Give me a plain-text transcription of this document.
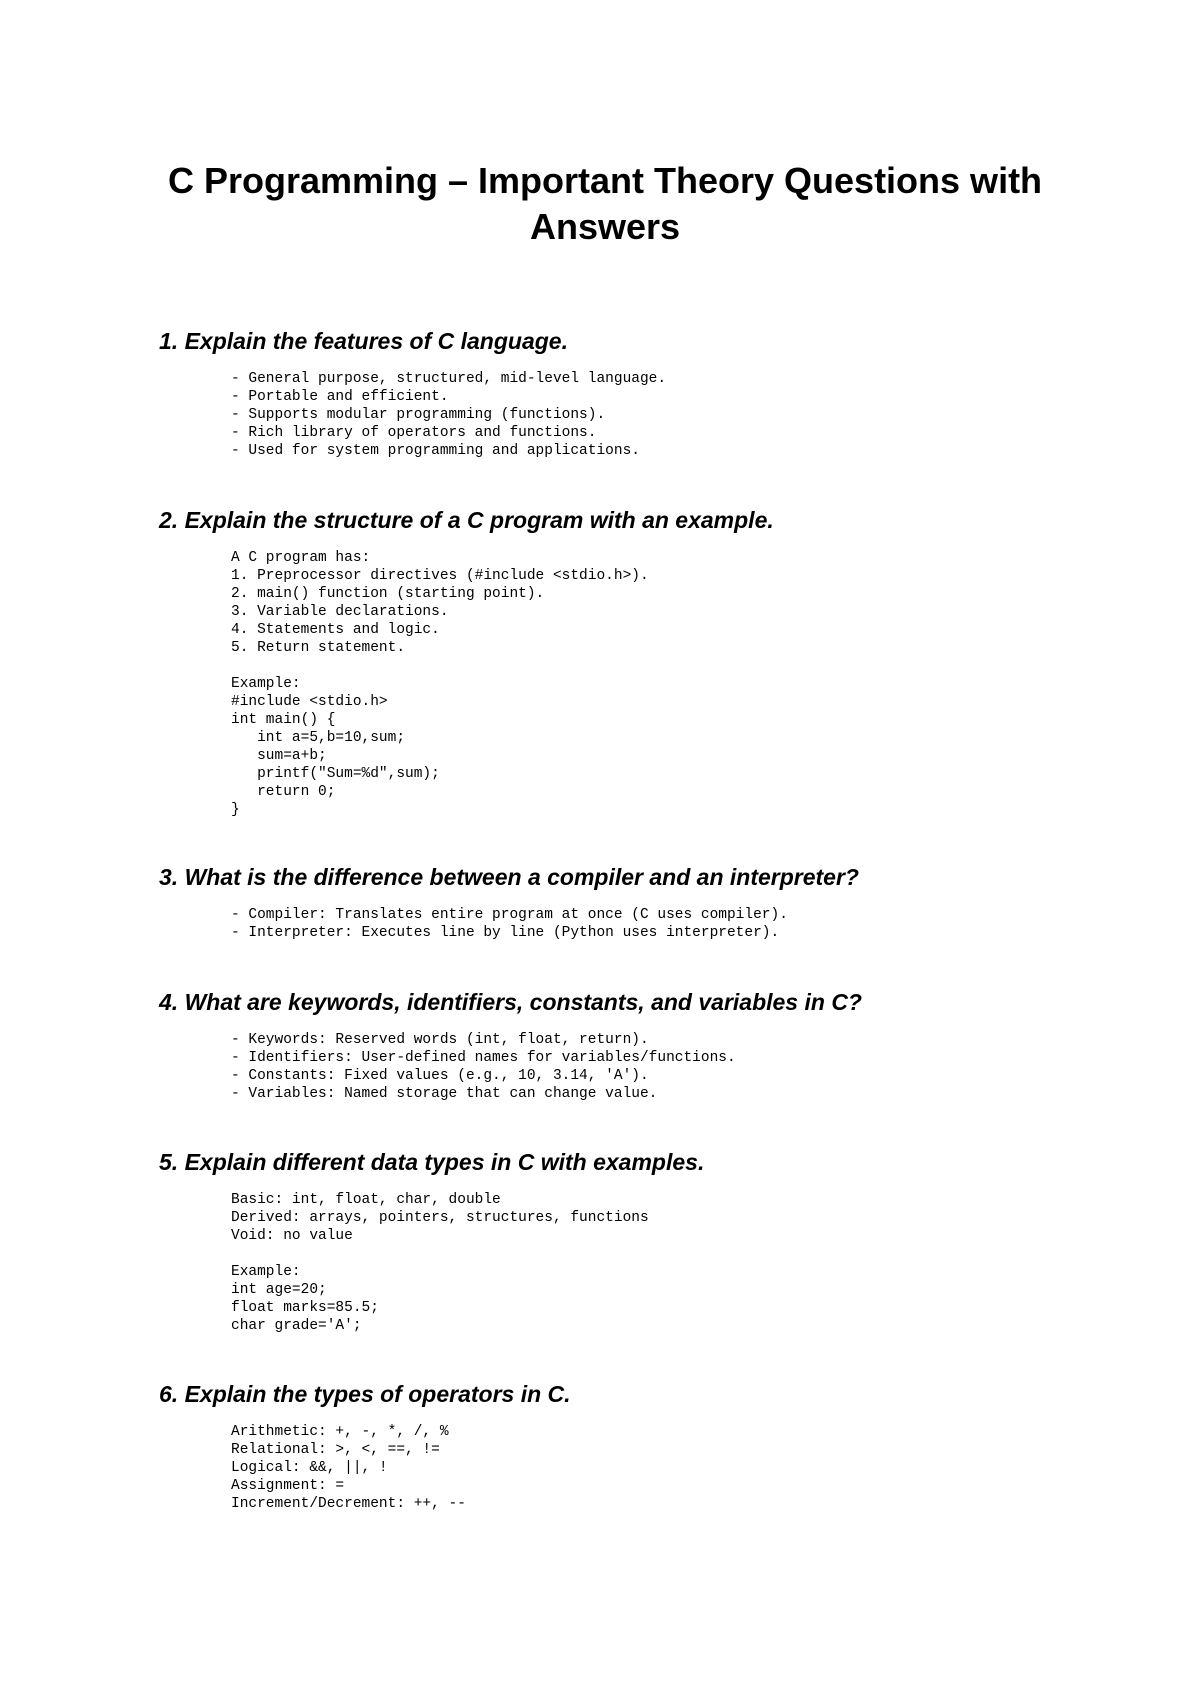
C Programming – Important Theory Questions with Answers
1. Explain the features of C language.
- General purpose, structured, mid-level language.
- Portable and efficient.
- Supports modular programming (functions).
- Rich library of operators and functions.
- Used for system programming and applications.
2. Explain the structure of a C program with an example.
A C program has:
1. Preprocessor directives (#include <stdio.h>).
2. main() function (starting point).
3. Variable declarations.
4. Statements and logic.
5. Return statement.

Example:
#include <stdio.h>
int main() {
int a=5,b=10,sum;
sum=a+b;
printf("Sum=%d",sum);
return 0;
}
3. What is the difference between a compiler and an interpreter?
- Compiler: Translates entire program at once (C uses compiler).
- Interpreter: Executes line by line (Python uses interpreter).
4. What are keywords, identifiers, constants, and variables in C?
- Keywords: Reserved words (int, float, return).
- Identifiers: User-defined names for variables/functions.
- Constants: Fixed values (e.g., 10, 3.14, 'A').
- Variables: Named storage that can change value.
5. Explain different data types in C with examples.
Basic: int, float, char, double
Derived: arrays, pointers, structures, functions
Void: no value

Example:
int age=20;
float marks=85.5;
char grade='A';
6. Explain the types of operators in C.
Arithmetic: +, -, *, /, %
Relational: >, <, ==, !=
Logical: &&, ||, !
Assignment: =
Increment/Decrement: ++, --
